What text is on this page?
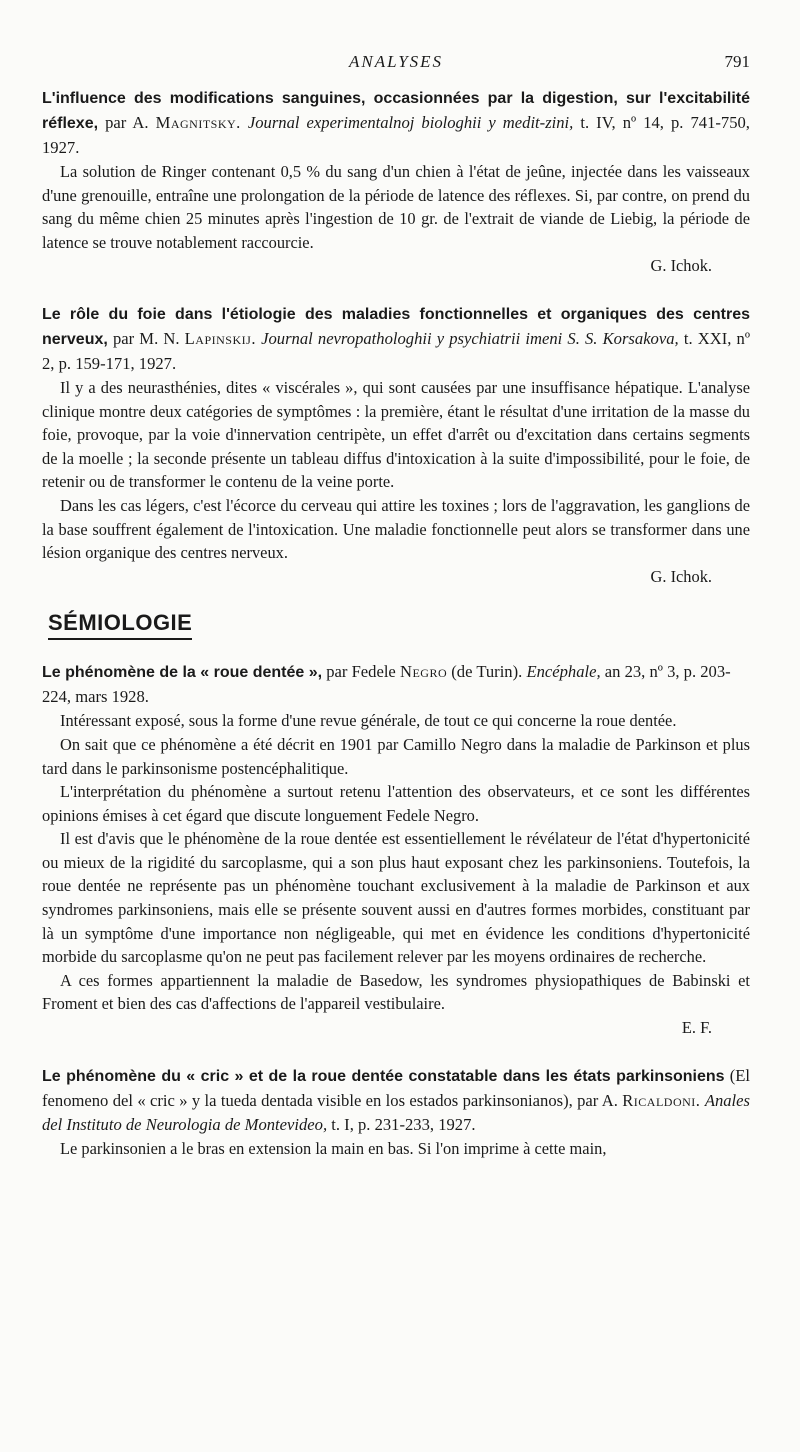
ANALYSES	791

L'influence des modifications sanguines, occasionnées par la digestion, sur l'excitabilité réflexe, par A. Magnitsky. Journal experimentalnoj biologhii y medit-zini, t. IV, nº 14, p. 741-750, 1927.

La solution de Ringer contenant 0,5 % du sang d'un chien à l'état de jeûne, injectée dans les vaisseaux d'une grenouille, entraîne une prolongation de la période de latence des réflexes. Si, par contre, on prend du sang du même chien 25 minutes après l'ingestion de 10 gr. de l'extrait de viande de Liebig, la période de latence se trouve notablement raccourcie.

G. Ichok.

Le rôle du foie dans l'étiologie des maladies fonctionnelles et organiques des centres nerveux, par M. N. Lapinskij. Journal nevropathologhii y psychiatrii imeni S. S. Korsakova, t. XXI, nº 2, p. 159-171, 1927.

Il y a des neurasthénies, dites « viscérales », qui sont causées par une insuffisance hépatique. L'analyse clinique montre deux catégories de symptômes : la première, étant le résultat d'une irritation de la masse du foie, provoque, par la voie d'innervation centripète, un effet d'arrêt ou d'excitation dans certains segments de la moelle ; la seconde présente un tableau diffus d'intoxication à la suite d'impossibilité, pour le foie, de retenir ou de transformer le contenu de la veine porte.

Dans les cas légers, c'est l'écorce du cerveau qui attire les toxines ; lors de l'aggravation, les ganglions de la base souffrent également de l'intoxication. Une maladie fonctionnelle peut alors se transformer dans une lésion organique des centres nerveux.

G. Ichok.

SÉMIOLOGIE

Le phénomène de la « roue dentée », par Fedele Negro (de Turin). Encéphale, an 23, nº 3, p. 203-224, mars 1928.

Intéressant exposé, sous la forme d'une revue générale, de tout ce qui concerne la roue dentée.

On sait que ce phénomène a été décrit en 1901 par Camillo Negro dans la maladie de Parkinson et plus tard dans le parkinsonisme postencéphalitique.

L'interprétation du phénomène a surtout retenu l'attention des observateurs, et ce sont les différentes opinions émises à cet égard que discute longuement Fedele Negro.

Il est d'avis que le phénomène de la roue dentée est essentiellement le révélateur de l'état d'hypertonicité ou mieux de la rigidité du sarcoplasme, qui a son plus haut exposant chez les parkinsoniens. Toutefois, la roue dentée ne représente pas un phénomène touchant exclusivement à la maladie de Parkinson et aux syndromes parkinsoniens, mais elle se présente souvent aussi en d'autres formes morbides, constituant par là un symptôme d'une importance non négligeable, qui met en évidence les conditions d'hypertonicité morbide du sarcoplasme qu'on ne peut pas facilement relever par les moyens ordinaires de recherche.

A ces formes appartiennent la maladie de Basedow, les syndromes physiopathiques de Babinski et Froment et bien des cas d'affections de l'appareil vestibulaire.

E. F.

Le phénomène du « cric » et de la roue dentée constatable dans les états parkinsoniens (El fenomeno del « cric » y la tueda dentada visible en los estados parkinsonianos), par A. Ricaldoni. Anales del Instituto de Neurologia de Montevideo, t. I, p. 231-233, 1927.

Le parkinsonien a le bras en extension la main en bas. Si l'on imprime à cette main,
